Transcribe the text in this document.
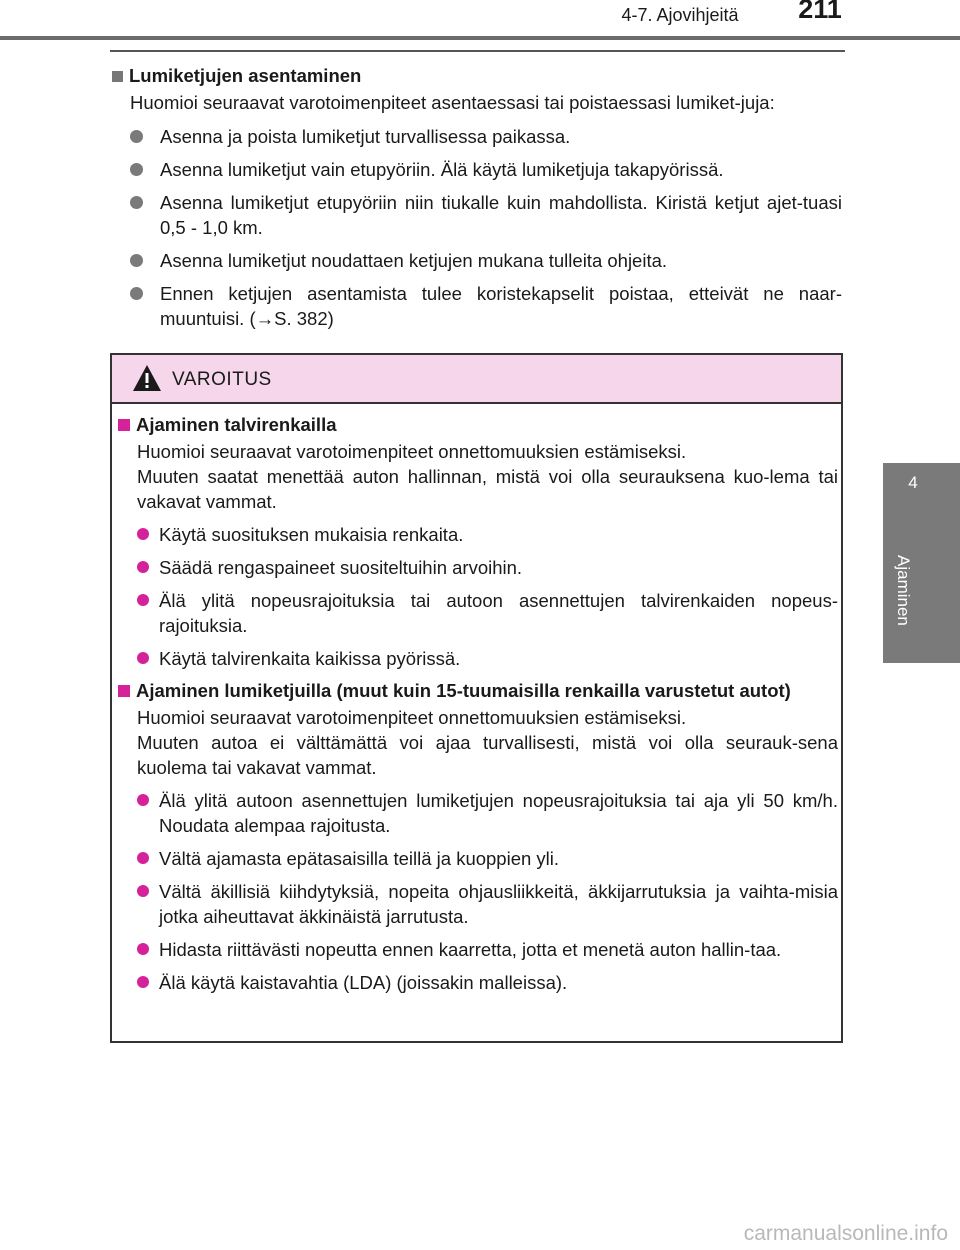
4-7. Ajovihjeitä	211
4
Ajaminen
Lumiketjujen asentaminen
Huomioi seuraavat varotoimenpiteet asentaessasi tai poistaessasi lumiket-juja:
Asenna ja poista lumiketjut turvallisessa paikassa.
Asenna lumiketjut vain etupyöriin. Älä käytä lumiketjuja takapyörissä.
Asenna lumiketjut etupyöriin niin tiukalle kuin mahdollista. Kiristä ketjut ajet-tuasi 0,5 - 1,0 km.
Asenna lumiketjut noudattaen ketjujen mukana tulleita ohjeita.
Ennen ketjujen asentamista tulee koristekapselit poistaa, etteivät ne naar-muuntuisi. (→S. 382)
VAROITUS
Ajaminen talvirenkailla
Huomioi seuraavat varotoimenpiteet onnettomuuksien estämiseksi.
Muuten saatat menettää auton hallinnan, mistä voi olla seurauksena kuo-lema tai vakavat vammat.
Käytä suosituksen mukaisia renkaita.
Säädä rengaspaineet suositeltuihin arvoihin.
Älä ylitä nopeusrajoituksia tai autoon asennettujen talvirenkaiden nopeus-rajoituksia.
Käytä talvirenkaita kaikissa pyörissä.
Ajaminen lumiketjuilla (muut kuin 15-tuumaisilla renkailla varustetut autot)
Huomioi seuraavat varotoimenpiteet onnettomuuksien estämiseksi.
Muuten autoa ei välttämättä voi ajaa turvallisesti, mistä voi olla seurauk-sena kuolema tai vakavat vammat.
Älä ylitä autoon asennettujen lumiketjujen nopeusrajoituksia tai aja yli 50 km/h. Noudata alempaa rajoitusta.
Vältä ajamasta epätasaisilla teillä ja kuoppien yli.
Vältä äkillisiä kiihdytyksiä, nopeita ohjausliikkeitä, äkkijarrutuksia ja vaihta-misia jotka aiheuttavat äkkinäistä jarrutusta.
Hidasta riittävästi nopeutta ennen kaarretta, jotta et menetä auton hallin-taa.
Älä käytä kaistavahtia (LDA) (joissakin malleissa).
carmanualsonline.info
